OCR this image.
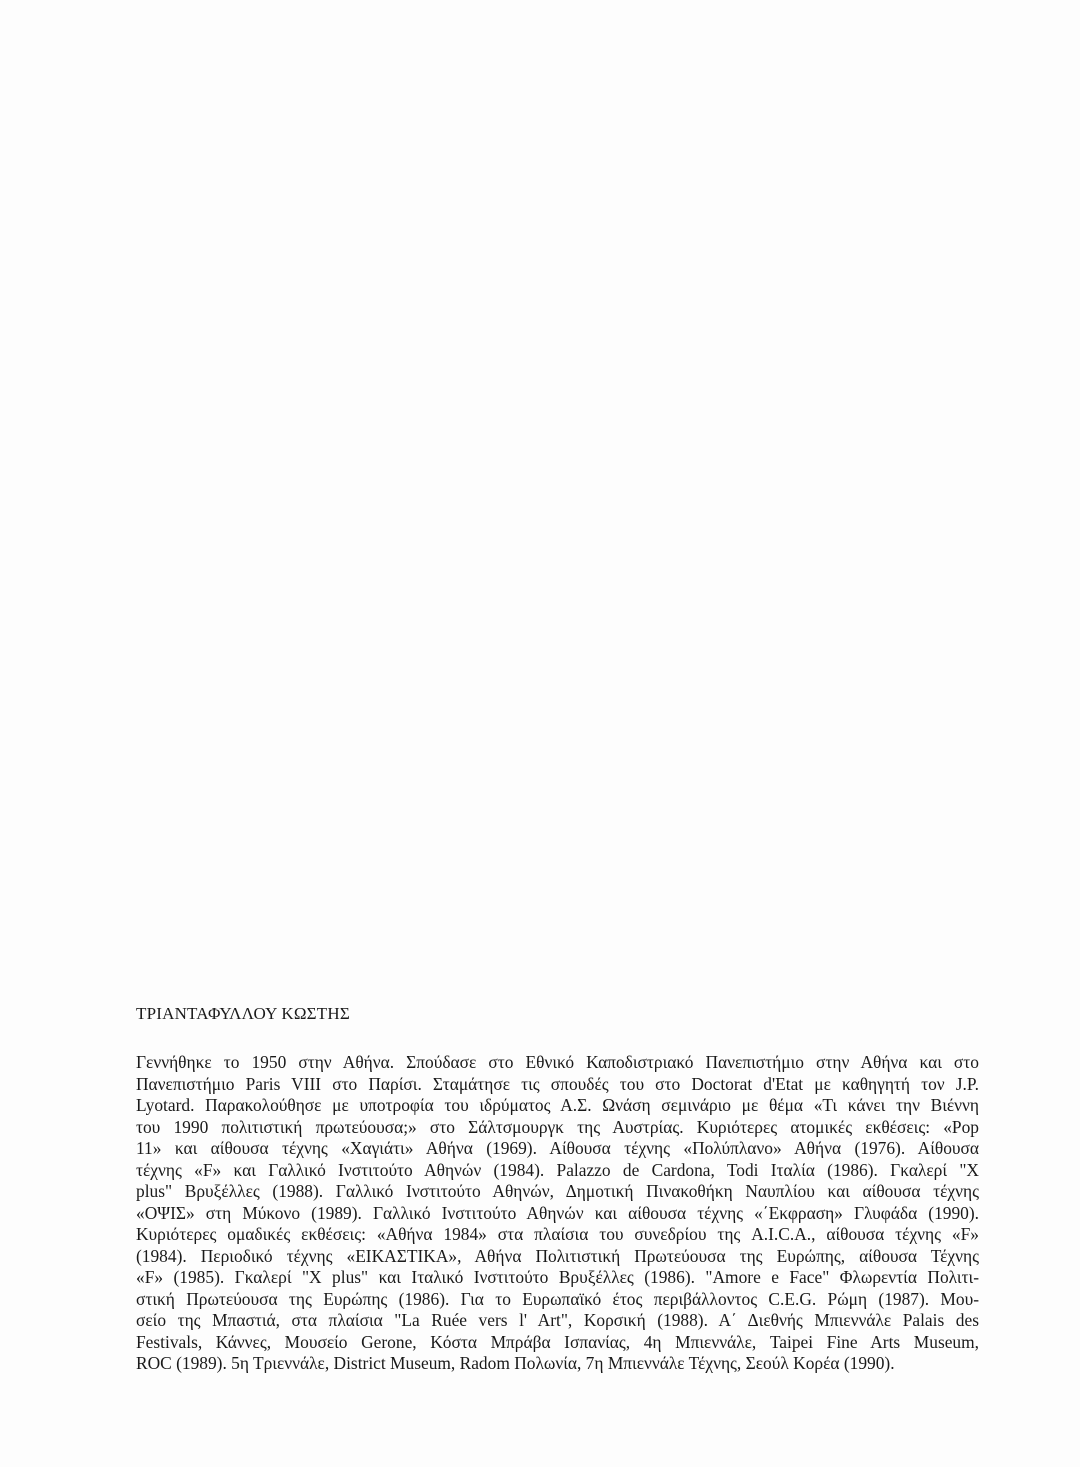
ΤΡΙΑΝΤΑΦΥΛΛΟΥ ΚΩΣΤΗΣ
Γεννήθηκε το 1950 στην Αθήνα. Σπούδασε στο Εθνικό Καποδιστριακό Πανεπιστήμιο στην Αθήνα και στο
Πανεπιστήμιο Paris VIII στο Παρίσι. Σταμάτησε τις σπουδές του στο Doctorat d'Etat με καθηγητή τον J.P.
Lyotard. Παρακολούθησε με υποτροφία του ιδρύματος Α.Σ. Ωνάση σεμινάριο με θέμα «Τι κάνει την Βιέννη
του 1990 πολιτιστική πρωτεύουσα;» στο Σάλτσμουργκ της Αυστρίας. Κυριότερες ατομικές εκθέσεις: «Pop
11» και αίθουσα τέχνης «Χαγιάτι» Αθήνα (1969). Αίθουσα τέχνης «Πολύπλανο» Αθήνα (1976). Αίθουσα
τέχνης «F» και Γαλλικό Ινστιτούτο Αθηνών (1984). Palazzo de Cardona, Todi Ιταλία (1986). Γκαλερί "X
plus" Βρυξέλλες (1988). Γαλλικό Ινστιτούτο Αθηνών, Δημοτική Πινακοθήκη Ναυπλίου και αίθουσα τέχνης
«ΟΨΙΣ» στη Μύκονο (1989). Γαλλικό Ινστιτούτο Αθηνών και αίθουσα τέχνης «΄Εκφραση» Γλυφάδα (1990).
Κυριότερες ομαδικές εκθέσεις: «Αθήνα 1984» στα πλαίσια του συνεδρίου της A.I.C.A., αίθουσα τέχνης «F»
(1984). Περιοδικό τέχνης «ΕΙΚΑΣΤΙΚΑ», Αθήνα Πολιτιστική Πρωτεύουσα της Ευρώπης, αίθουσα Τέχνης
«F» (1985). Γκαλερί "X plus" και Ιταλικό Ινστιτούτο Βρυξέλλες (1986). "Amore e Face" Φλωρεντία Πολιτι-
στική Πρωτεύουσα της Ευρώπης (1986). Για το Ευρωπαϊκό έτος περιβάλλοντος C.E.G. Ρώμη (1987). Μου-
σείο της Μπαστιά, στα πλαίσια "La Ruée vers l' Art", Κορσική (1988). Α΄ Διεθνής Μπιεννάλε Palais des
Festivals, Κάννες, Μουσείο Gerone, Κόστα Μπράβα Ισπανίας, 4η Μπιεννάλε, Taipei Fine Arts Museum,
ROC (1989). 5η Τριεννάλε, District Museum, Radom Πολωνία, 7η Μπιεννάλε Τέχνης, Σεούλ Κορέα (1990).
